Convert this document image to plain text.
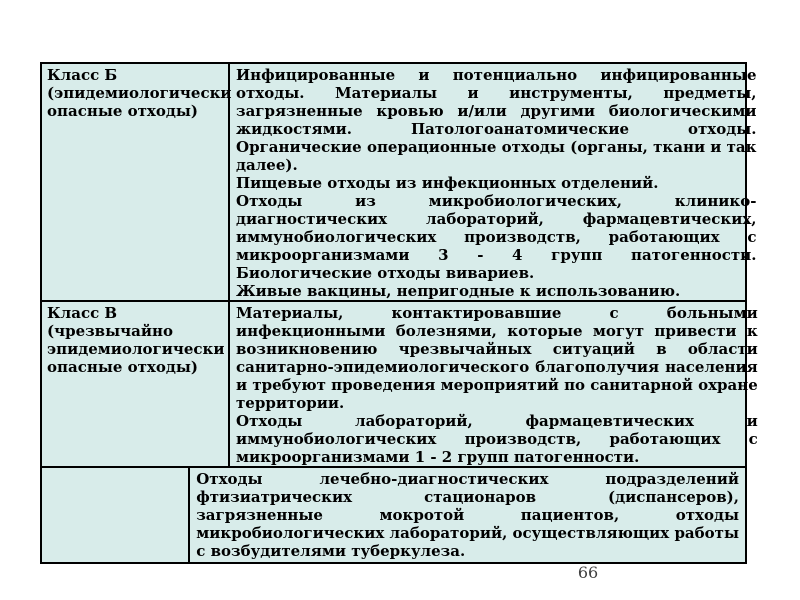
Класс Б
(эпидемиологически
опасные отходы)
Инфицированные и потенциально инфицированные
отходы. Материалы и инструменты, предметы,
загрязненные кровью и/или другими биологическими
жидкостями. Патологоанатомические отходы.
Органические операционные отходы (органы, ткани и так
далее).
Пищевые отходы из инфекционных отделений.
Отходы из микробиологических, клинико-
диагностических лабораторий, фармацевтических,
иммунобиологических производств, работающих с
микроорганизмами 3 - 4 групп патогенности.
Биологические отходы вивариев.
Живые вакцины, непригодные к использованию.
Класс В
(чрезвычайно
эпидемиологически
опасные отходы)
Материалы, контактировавшие с больными
инфекционными болезнями, которые могут привести к
возникновению чрезвычайных ситуаций в области
санитарно-эпидемиологического благополучия населения
и требуют проведения мероприятий по санитарной охране
территории.
Отходы лабораторий, фармацевтических и
иммунобиологических производств, работающих с
микроорганизмами 1 - 2 групп патогенности.
Отходы лечебно-диагностических подразделений
фтизиатрических стационаров (диспансеров),
загрязненные мокротой пациентов, отходы
микробиологических лабораторий, осуществляющих работы
с возбудителями туберкулеза.
66
